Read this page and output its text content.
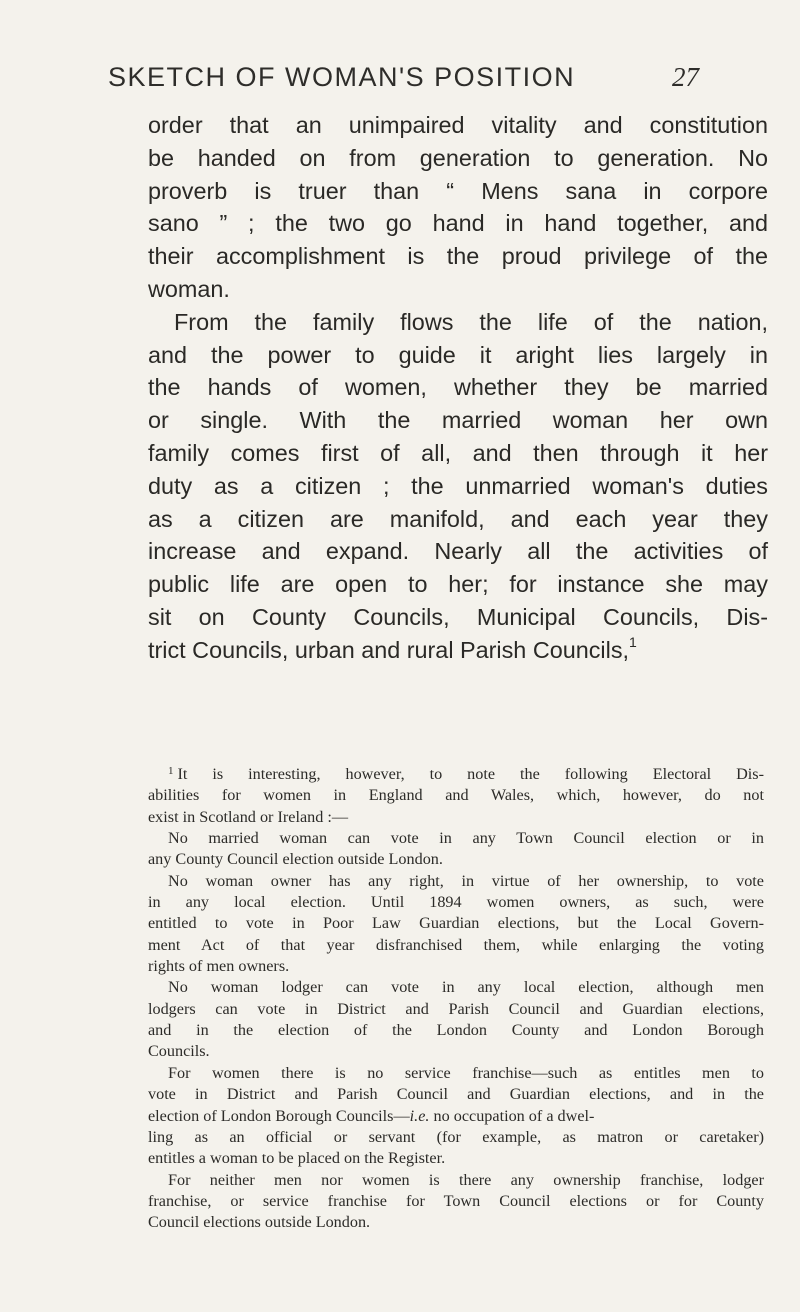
SKETCH OF WOMAN'S POSITION	27
order that an unimpaired vitality and constitution
be handed on from generation to generation. No
proverb is truer than “ Mens sana in corpore
sano ” ; the two go hand in hand together, and
their accomplishment is the proud privilege of the
woman.
From the family flows the life of the nation,
and the power to guide it aright lies largely in
the hands of women, whether they be married
or single. With the married woman her own
family comes first of all, and then through it her
duty as a citizen ; the unmarried woman's duties
as a citizen are manifold, and each year they
increase and expand. Nearly all the activities of
public life are open to her; for instance she may
sit on County Councils, Municipal Councils, Dis-
trict Councils, urban and rural Parish Councils,$^1$
$^1$ It is interesting, however, to note the following Electoral Dis-
abilities for women in England and Wales, which, however, do not
exist in Scotland or Ireland :—
No married woman can vote in any Town Council election or in
any County Council election outside London.
No woman owner has any right, in virtue of her ownership, to vote
in any local election. Until 1894 women owners, as such, were
entitled to vote in Poor Law Guardian elections, but the Local Govern-
ment Act of that year disfranchised them, while enlarging the voting
rights of men owners.
No woman lodger can vote in any local election, although men
lodgers can vote in District and Parish Council and Guardian elections,
and in the election of the London County and London Borough
Councils.
For women there is no service franchise—such as entitles men to
vote in District and Parish Council and Guardian elections, and in the
election of London Borough Councils—i.e. no occupation of a dwel-
ling as an official or servant (for example, as matron or caretaker)
entitles a woman to be placed on the Register.
For neither men nor women is there any ownership franchise, lodger
franchise, or service franchise for Town Council elections or for County
Council elections outside London.
